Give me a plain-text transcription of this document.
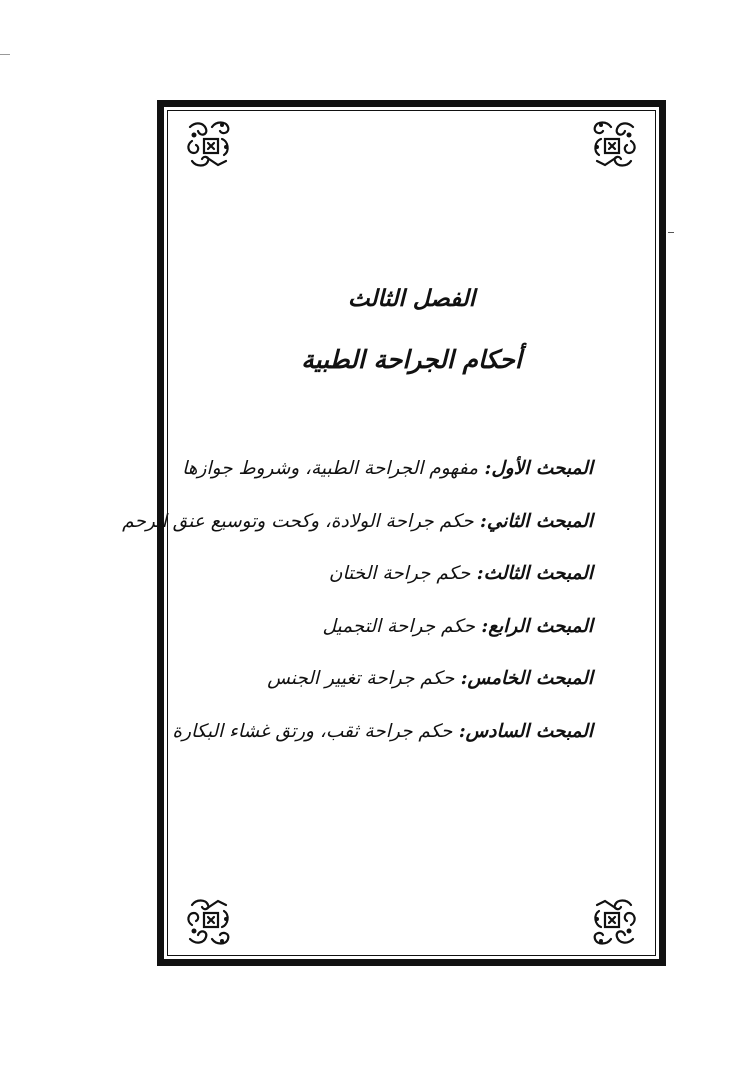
الفصل الثالث
أحكام الجراحة الطبية
المبحث الأول: مفهوم الجراحة الطبية، وشروط جوازها
المبحث الثاني: حكم جراحة الولادة، وكحت وتوسيع عنق الرحم
المبحث الثالث: حكم جراحة الختان
المبحث الرابع: حكم جراحة التجميل
المبحث الخامس: حكم جراحة تغيير الجنس
المبحث السادس: حكم جراحة ثقب، ورتق غشاء البكارة
